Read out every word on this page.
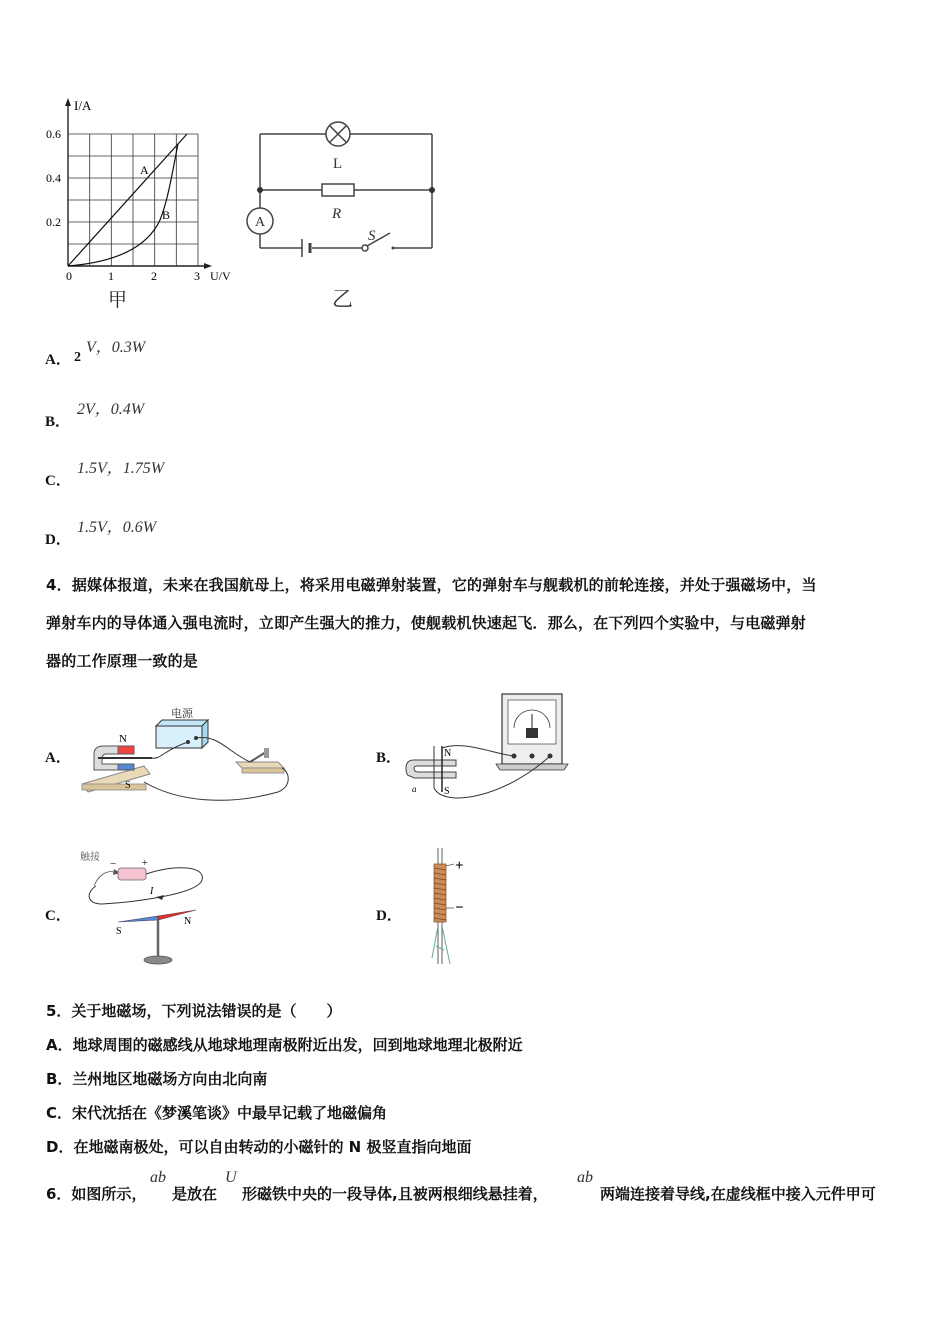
I/A
U/V
0.6
0.4
0.2
0	1	2	3
A
B
甲
A
L
R
S
乙
A． 2
V，0.3W
B．
2V，0.4W
C．
1.5V，1.75W
D．
1.5V，0.6W
4．据媒体报道，未来在我国航母上，将采用电磁弹射装置，它的弹射车与舰载机的前轮连接，并处于强磁场中，当
弹射车内的导体通入强电流时，立即产生强大的推力，使舰载机快速起飞．那么，在下列四个实验中，与电磁弹射
器的工作原理一致的是
A．	B．
C．	D．
N
S
电源
N
S
a
触接
−	+
I
S
N
+
−
5．关于地磁场，下列说法错误的是（　　）
A．地球周围的磁感线从地球地理南极附近出发，回到地球地理北极附近
B．兰州地区地磁场方向由北向南
C．宋代沈括在《梦溪笔谈》中最早记载了地磁偏角
D．在地磁南极处，可以自由转动的小磁针的 N 极竖直指向地面
6．如图所示，
ab
是放在
U
形磁铁中央的一段导体,且被两根细线悬挂着，
ab
两端连接着导线,在虚线框中接入元件甲可
